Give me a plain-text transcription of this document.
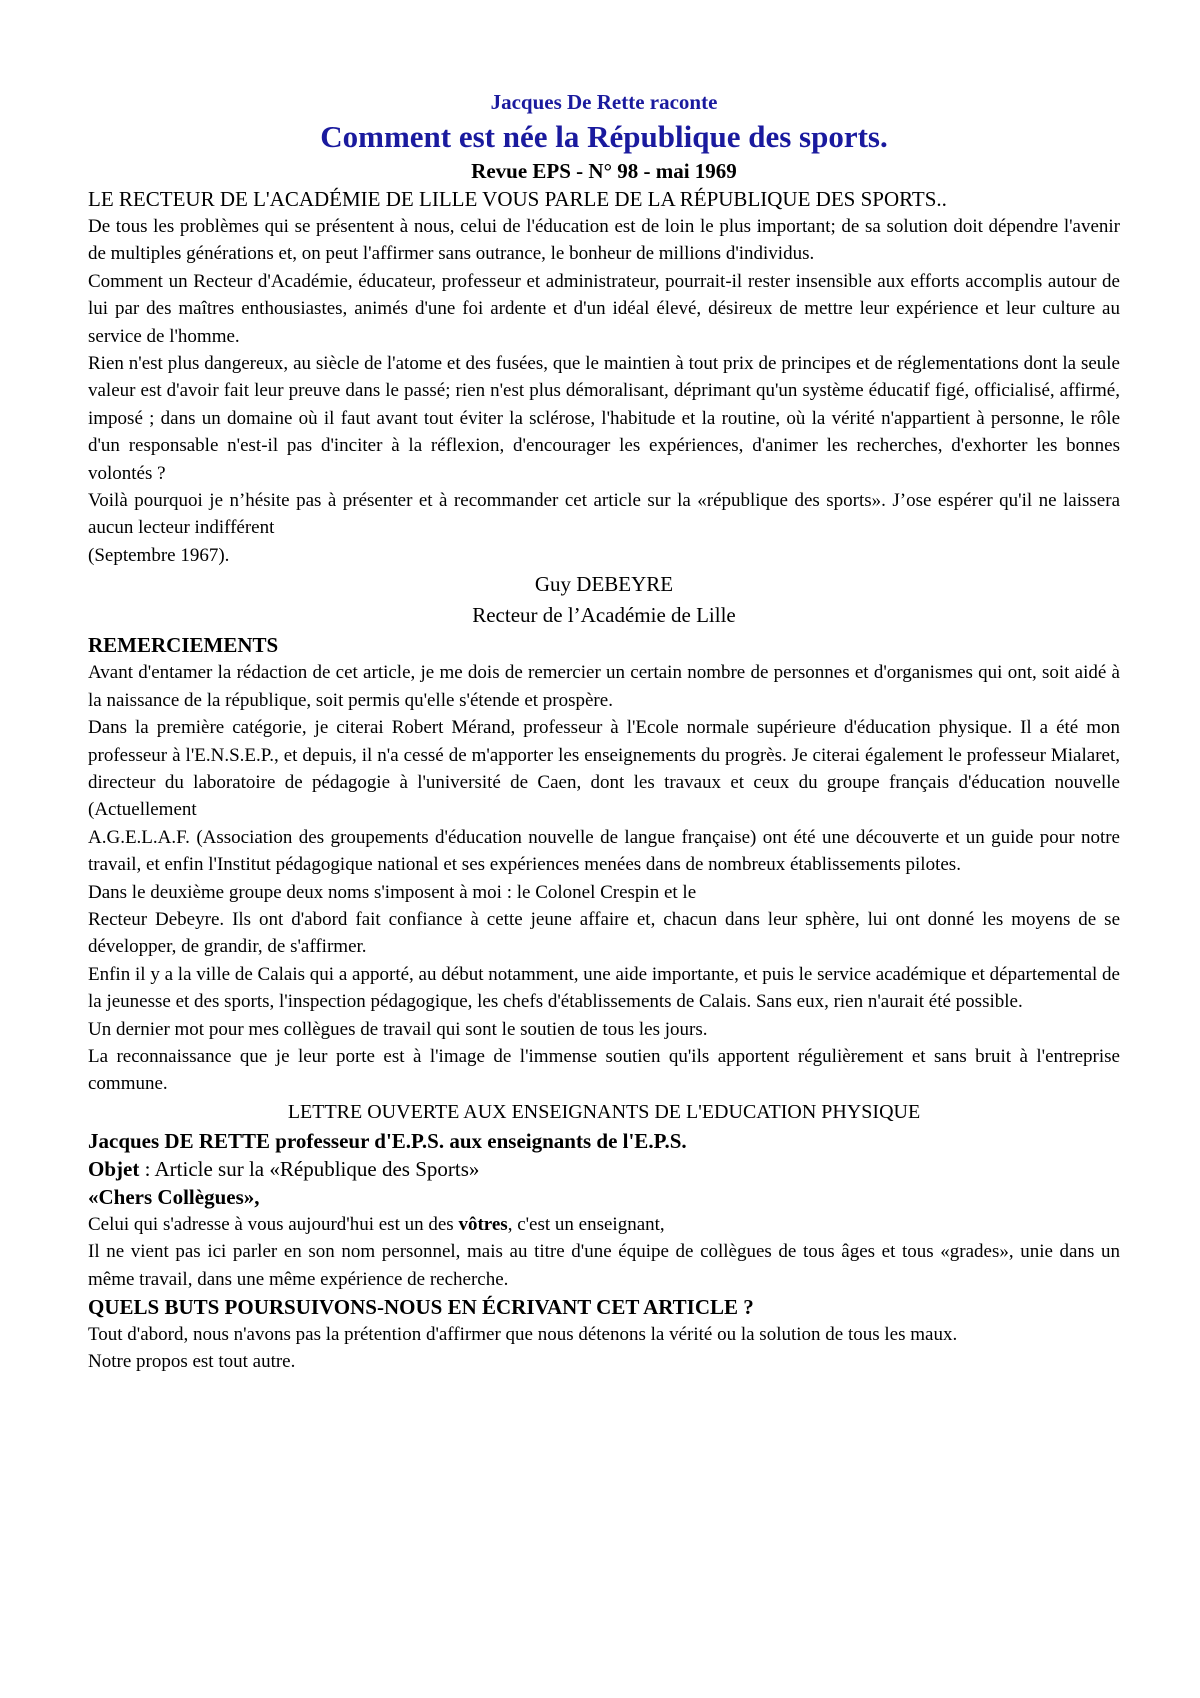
Jacques De Rette raconte
Comment est née la République des sports.
Revue EPS - N° 98 - mai 1969
LE RECTEUR DE L'ACADÉMIE DE LILLE VOUS PARLE DE LA RÉPUBLIQUE DES SPORTS..

De tous les problèmes qui se présentent à nous, celui de l'éducation est de loin le plus important; de sa solution doit dépendre l'avenir de multiples générations et, on peut l'affirmer sans outrance, le bonheur de millions d'individus.

Comment un Recteur d'Académie, éducateur, professeur et administrateur, pourrait-il rester insensible aux efforts accomplis autour de lui par des maîtres enthousiastes, animés d'une foi ardente et d'un idéal élevé, désireux de mettre leur expérience et leur culture au service de l'homme.

Rien n'est plus dangereux, au siècle de l'atome et des fusées, que le maintien à tout prix de principes et de réglementations dont la seule valeur est d'avoir fait leur preuve dans le passé; rien n'est plus démoralisant, déprimant qu'un système éducatif figé, officialisé, affirmé, imposé ; dans un domaine où il faut avant tout éviter la sclérose, l'habitude et la routine, où la vérité n'appartient à personne, le rôle d'un responsable n'est-il pas d'inciter à la réflexion, d'encourager les expériences, d'animer les recherches, d'exhorter les bonnes volontés ?

Voilà pourquoi je n’hésite pas à présenter et à recommander cet article sur la «république des sports». J’ose espérer qu'il ne laissera aucun lecteur indifférent

(Septembre 1967).

Guy DEBEYRE
Recteur de l’Académie de Lille
REMERCIEMENTS

Avant d'entamer la rédaction de cet article, je me dois de remercier un certain nombre de personnes et d'organismes qui ont, soit aidé à la naissance de la république, soit permis qu'elle s'étende et prospère.

Dans la première catégorie, je citerai Robert Mérand, professeur à l'Ecole normale supérieure d'éducation physique. Il a été mon professeur à l'E.N.S.E.P., et depuis, il n'a cessé de m'apporter les enseignements du progrès. Je citerai également le professeur Mialaret, directeur du laboratoire de pédagogie à l'université de Caen, dont les travaux et ceux du groupe français d'éducation nouvelle (Actuellement

A.G.E.L.A.F. (Association des groupements d'éducation nouvelle de langue française) ont été une découverte et un guide pour notre travail, et enfin l'Institut pédagogique national et ses expériences menées dans de nombreux établissements pilotes.

Dans le deuxième groupe deux noms s'imposent à moi : le Colonel Crespin et le

Recteur Debeyre. Ils ont d'abord fait confiance à cette jeune affaire et, chacun dans leur sphère, lui ont donné les moyens de se développer, de grandir, de s'affirmer.

Enfin il y a la ville de Calais qui a apporté, au début notamment, une aide importante, et puis le service académique et départemental de la jeunesse et des sports, l'inspection pédagogique, les chefs d'établissements de Calais. Sans eux, rien n'aurait été possible.

Un dernier mot pour mes collègues de travail qui sont le soutien de tous les jours.

La reconnaissance que je leur porte est à l'image de l'immense soutien qu'ils apportent régulièrement et sans bruit à l'entreprise commune.

LETTRE OUVERTE AUX ENSEIGNANTS DE L'EDUCATION PHYSIQUE
Jacques DE RETTE professeur d'E.P.S. aux enseignants de l'E.P.S.
Objet : Article sur la «République des Sports»
«Chers Collègues»,

Celui qui s'adresse à vous aujourd'hui est un des vôtres, c'est un enseignant,

Il ne vient pas ici parler en son nom personnel, mais au titre d'une équipe de collègues de tous âges et tous «grades», unie dans un même travail, dans une même expérience de recherche.

QUELS BUTS POURSUIVONS-NOUS EN ÉCRIVANT CET ARTICLE ?

Tout d'abord, nous n'avons pas la prétention d'affirmer que nous détenons la vérité ou la solution de tous les maux.

Notre propos est tout autre.
